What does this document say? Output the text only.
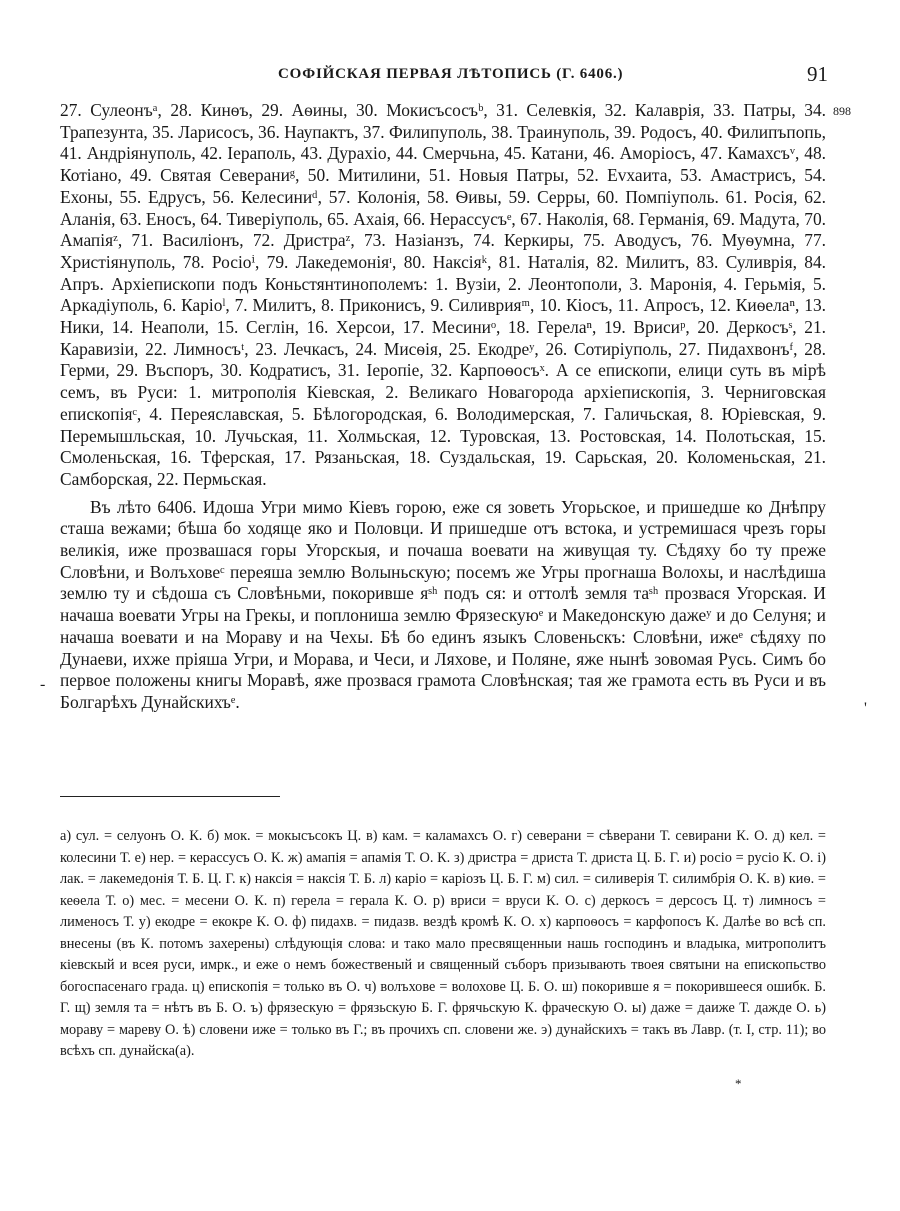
СОФІЙСКАЯ ПЕРВАЯ ЛѢТОПИСЬ (Г. 6406.)	91
898
-
'

27. Сулеонъᵃ, 28. Кинѳъ, 29. Аѳины, 30. Мокисъсосъᵇ, 31. Селевкія, 32. Калаврія, 33. Патры, 34. Трапезунта, 35. Ларисосъ, 36. Наупактъ, 37. Филипуполь, 38. Траинуполь, 39. Родосъ, 40. Филипъпопь, 41. Андріянуполь, 42. Іераполь, 43. Дурахіо, 44. Смерчьна, 45. Катани, 46. Аморіосъ, 47. Камахсъᵛ, 48. Котіано, 49. Святая Северaниᵍ, 50. Митилини, 51. Новыя Патры, 52. Еvхаита, 53. Амастрисъ, 54. Ехоны, 55. Едрусъ, 56. Келесиниᵈ, 57. Колонія, 58. Ѳивы, 59. Серры, 60. Помпіуполь. 61. Росія, 62. Аланія, 63. Еносъ, 64. Тиверіуполь, 65. Ахаія, 66. Нерассусъᵉ, 67. Наколія, 68. Германія, 69. Мадута, 70. Амапіяᶻ, 71. Василіонъ, 72. Дристраᶻ, 73. Назіанзъ, 74. Керкиры, 75. Аводусъ, 76. Муѳумна, 77. Христіянуполь, 78. Росіоⁱ, 79. Лакедемоніяᶦ, 80. Наксіяᵏ, 81. Наталія, 82. Милитъ, 83. Суливрія, 84. Апръ. Архіепископи подъ Коньстянтинополемъ: 1. Вузіи, 2. Леонтополи, 3. Маронія, 4. Герьмія, 5. Аркадіуполь, 6. Каріоˡ, 7. Милитъ, 8. Приконисъ, 9. Силиврияᵐ, 10. Кіосъ, 11. Апросъ, 12. Киѳелаⁿ, 13. Ники, 14. Неаполи, 15. Сеглін, 16. Херсои, 17. Месиниᵒ, 18. Герелаⁿ, 19. Врисиᵖ, 20. Деркосъˢ, 21. Каравизіи, 22. Лимносъᵗ, 23. Лечкасъ, 24. Мисѳія, 25. Екодреʸ, 26. Сотиріуполь, 27. Пидахвонъᶠ, 28. Герми, 29. Въспоръ, 30. Кодратисъ, 31. Іеропіе, 32. Карпоѳосъˣ. А се епископи, елици суть въ мірѣ семъ, въ Руси: 1. митрополія Кіевская, 2. Великаго Новагорода архіепископія, 3. Черниговская епископіяᶜ, 4. Переяславская, 5. Бѣлогородская, 6. Володимерская, 7. Галичьская, 8. Юріевская, 9. Перемышльская, 10. Лучьская, 11. Холмьская, 12. Туровская, 13. Ростовская, 14. Полотьская, 15. Смоленьская, 16. Тферская, 17. Рязаньская, 18. Суздальская, 19. Сарьская, 20. Коломеньская, 21. Самборская, 22. Пермьская.

Въ лѣто 6406. Идоша Угри мимо Кіевъ горою, еже ся зоветь Угорьское, и пришедше ко Днѣпру сташа вежами; бѣша бо ходяще яко и Половци. И пришедше отъ встока, и устремишася чрезъ горы великія, иже прозвашася горы Угорскыя, и почаша воевати на живущая ту. Сѣдяху бо ту преже Словѣни, и Волъховеᶜ переяша землю Волыньскую; посемъ же Угры прогнаша Волохы, и наслѣдиша землю ту и сѣдоша съ Словѣньми, покоривше яˢʰ подъ ся: и оттолѣ земля таˢʰ прозвася Угорская. И начаша воевати Угры на Грекы, и поплониша землю Фрязескуюᵉ и Македонскую дажеʸ и до Селуня; и начаша воевати и на Мораву и на Чехы. Бѣ бо единъ языкъ Словеньскъ: Словѣни, ижеᵉ сѣдяху по Дунаеви, ихже пріяша Угри, и Морава, и Чеси, и Ляхове, и Поляне, яже нынѣ зовомая Русь. Симъ бо первое положены книгы Моравѣ, яже прозвася грамота Словѣнская; тая же грамота есть въ Руси и въ Болгарѣхъ Дунайскихъᵉ.

а) сул. = селуонъ О. К. б) мок. = мокысъсокъ Ц. в) кам. = каламахсъ О. г) северани = сѣверани Т. севирани К. О. д) кел. = колесини Т. е) нер. = керассусъ О. К. ж) амапія = апамія Т. О. К. з) дристра = дриста Т. дриста Ц. Б. Г. и) росіо = русіо К. О. і) лак. = лакемедонія Т. Б. Ц. Г. к) наксія = наксія Т. Б. л) каріо = каріозъ Ц. Б. Г. м) сил. = силиверія Т. силимбрія О. К. в) киѳ. = кеѳела Т. о) мес. = месени О. К. п) герела = герала К. О. р) вриси = вруси К. О. с) деркосъ = дерсосъ Ц. т) лимносъ = лименосъ Т. у) екодре = екокре К. О. ф) пидахв. = пидазв. вездѣ кромѣ К. О. х) карпоѳосъ = карфопосъ К. Далѣе во всѣ сп. внесены (въ К. потомъ захерены) слѣдующія слова: и тако мало пресвященныи нашь господинъ и владыка, митрополитъ кіевскый и всея руси, имрк., и еже о немъ божественый и священный съборъ призывають твоея святыни на епископьство богоспасенаго града. ц) епископія = только въ О. ч) волъхове = волохове Ц. Б. О. ш) покоривше я = покорившееся ошибк. Б. Г. щ) земля та = нѣтъ въ Б. О. ъ) фрязескую = фрязьскую Б. Г. фрячьскую К. фраческую О. ы) даже = даиже Т. дажде О. ь) мораву = мареву О. ѣ) словени иже = только въ Г.; въ прочихъ сп. словени же. э) дунайскихъ = такъ въ Лавр. (т. I, стр. 11); во всѣхъ сп. дунайска(а).

*
